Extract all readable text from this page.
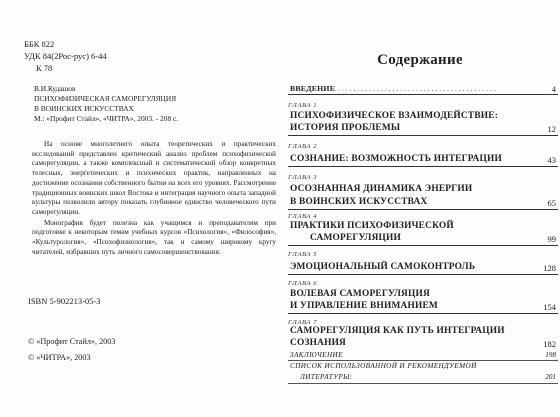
ББК 822
УДК 84(2Рос-рус) 6-44
К 78
В.И.Кудашов
ПСИХОФИЗИЧЕСКАЯ САМОРЕГУЛЯЦИЯ
В ВОИНСКИХ ИСКУССТВАХ
М.: «Профит Стайл», «ЧИТРА», 2003. - 208 с.

На основе многолетнего опыта теоретических и практических исследований представлен критический анализ проблем психофизической саморегуляции, а также комплексный и систематический обзор конкретных телесных, энергетических и психических практик, направленных на достижение осознания собственного бытия на всех его уровнях. Рассмотрение традиционных воинских школ Востока и интеграция научного опыта западной культуры позволили автору показать глубинное единство человеческого пути саморегуляции.

Монография будет полезна как учащимся и преподавателям при подготовке к некоторым темам учебных курсов «Психология», «Философия», «Культурология», «Психофизиология», так и самому широкому кругу читателей, избравших путь личного самосовершенствования.

ISBN 5-902213-05-3
© «Профит Стайл», 2003
© «ЧИТРА», 2003
Содержание
ВВЕДЕНИЕ
. . . . . . . . . . . . . . . . . . . . . . . . . . . . . . . . . . . . . . . . . .	4
ГЛАВА 1
ПСИХОФИЗИЧЕСКОЕ ВЗАИМОДЕЙСТВИЕ:
ИСТОРИЯ ПРОБЛЕМЫ	12
ГЛАВА 2
СОЗНАНИЕ: ВОЗМОЖНОСТЬ ИНТЕГРАЦИИ	43
ГЛАВА 3
ОСОЗНАННАЯ ДИНАМИКА ЭНЕРГИИ
В ВОИНСКИХ ИСКУССТВАХ	65
ГЛАВА 4
ПРАКТИКИ ПСИХОФИЗИЧЕСКОЙ
САМОРЕГУЛЯЦИИ	99
ГЛАВА 5
ЭМОЦИОНАЛЬНЫЙ САМОКОНТРОЛЬ	128
ГЛАВА 6
ВОЛЕВАЯ САМОРЕГУЛЯЦИЯ
И УПРАВЛЕНИЕ ВНИМАНИЕМ	154
ГЛАВА 7
САМОРЕГУЛЯЦИЯ КАК ПУТЬ ИНТЕГРАЦИИ
СОЗНАНИЯ	182
ЗАКЛЮЧЕНИЕ	198
СПИСОК ИСПОЛЬЗОВАННОЙ И РЕКОМЕНДУЕМОЙ
ЛИТЕРАТУРЫ:	201
